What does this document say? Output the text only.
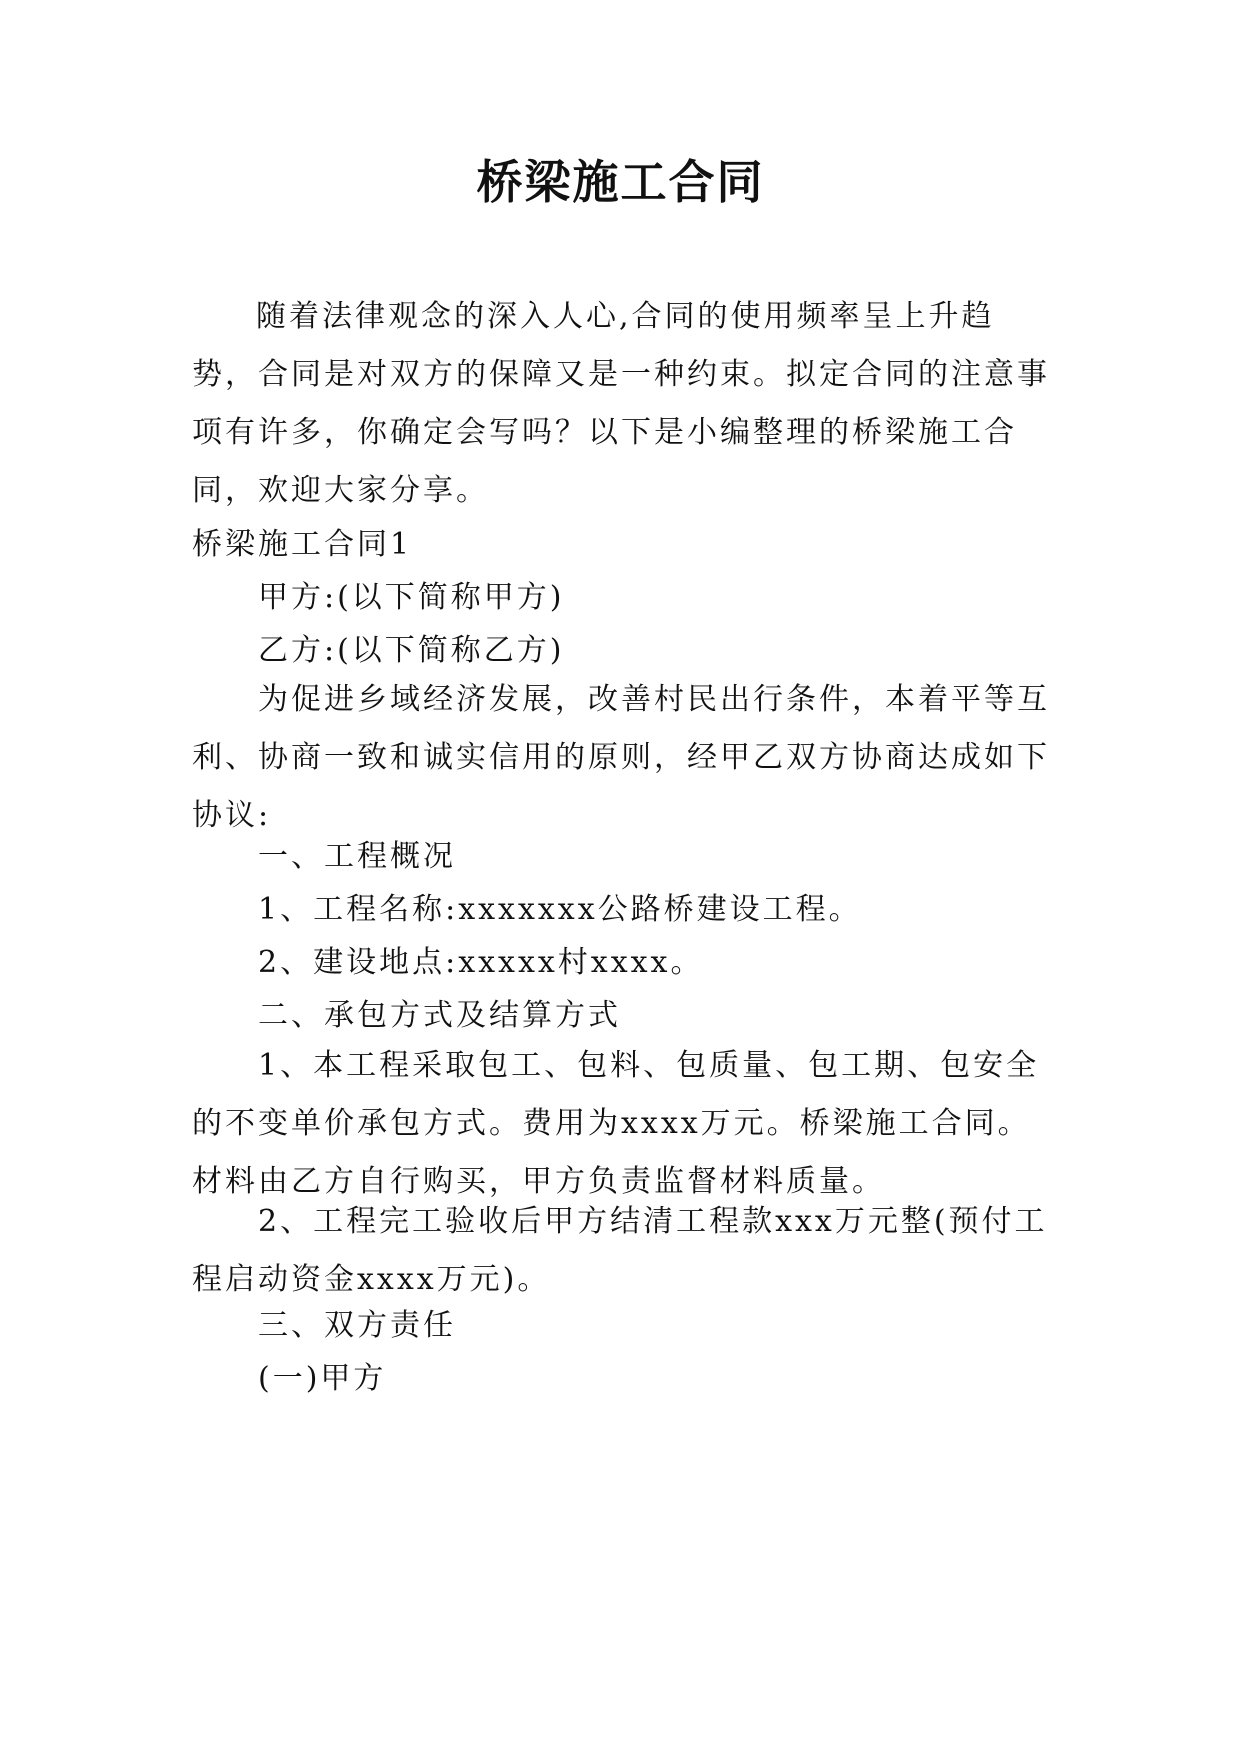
桥梁施工合同

随着法律观念的深入人心,合同的使用频率呈上升趋势，合同是对双方的保障又是一种约束。拟定合同的注意事项有许多，你确定会写吗？以下是小编整理的桥梁施工合同，欢迎大家分享。

桥梁施工合同1

甲方:(以下简称甲方)

乙方:(以下简称乙方)

为促进乡域经济发展，改善村民出行条件，本着平等互利、协商一致和诚实信用的原则，经甲乙双方协商达成如下协议:

一、工程概况

1、工程名称:xxxxxxx公路桥建设工程。

2、建设地点:xxxxx村xxxx。

二、承包方式及结算方式

1、本工程采取包工、包料、包质量、包工期、包安全的不变单价承包方式。费用为xxxx万元。桥梁施工合同。材料由乙方自行购买，甲方负责监督材料质量。

2、工程完工验收后甲方结清工程款xxx万元整(预付工程启动资金xxxx万元)。

三、双方责任

(一)甲方
